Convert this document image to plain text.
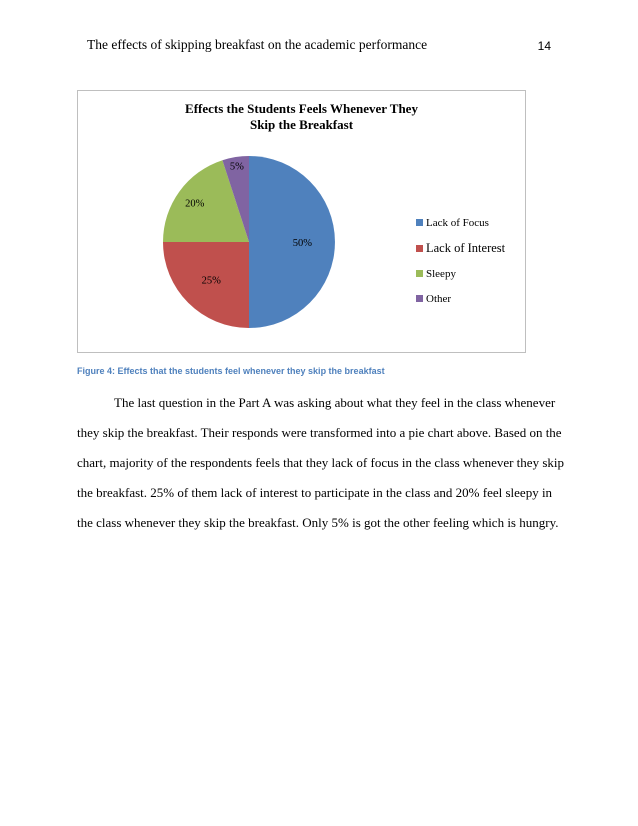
The effects of skipping breakfast on the academic performance	14
Effects the Students Feels Whenever They
Skip the Breakfast
50%
25%
20%
5%
Lack of Focus
Lack of Interest
Sleepy
Other
Figure 4: Effects that the students feel whenever they skip the breakfast

The last question in the Part A was asking about what they feel in the class whenever they skip the breakfast. Their responds were transformed into a pie chart above. Based on the chart, majority of the respondents feels that they lack of focus in the class whenever they skip the breakfast. 25% of them lack of interest to participate in the class and 20% feel sleepy in the class whenever they skip the breakfast. Only 5% is got the other feeling which is hungry.
